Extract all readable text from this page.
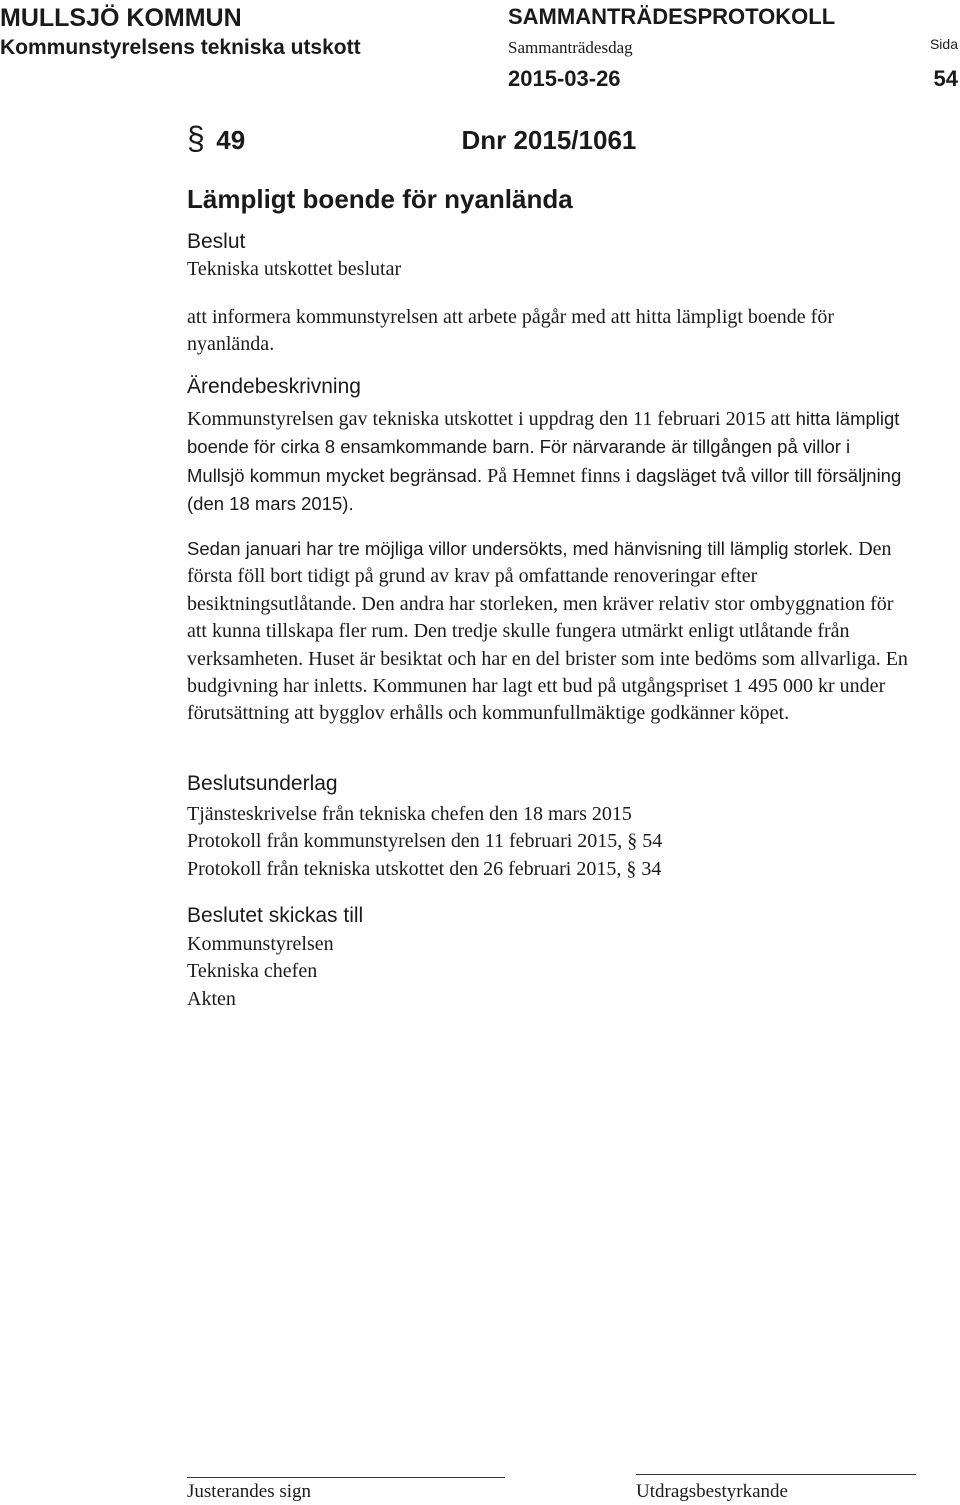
MULLSJÖ KOMMUN
Kommunstyrelsens tekniska utskott
SAMMANTRÄDESPROTOKOLL
Sammanträdesdag
2015-03-26
Sida
54
§ 49	Dnr 2015/1061
Lämpligt boende för nyanlända
Beslut
Tekniska utskottet beslutar
att informera kommunstyrelsen att arbete pågår med att hitta lämpligt boende för nyanlända.
Ärendebeskrivning
Kommunstyrelsen gav tekniska utskottet i uppdrag den 11 februari 2015 att hitta lämpligt boende för cirka 8 ensamkommande barn. För närvarande är tillgången på villor i Mullsjö kommun mycket begränsad. På Hemnet finns i dagsläget två villor till försäljning (den 18 mars 2015).
Sedan januari har tre möjliga villor undersökts, med hänvisning till lämplig storlek. Den första föll bort tidigt på grund av krav på omfattande renoveringar efter besiktningsutlåtande. Den andra har storleken, men kräver relativ stor ombyggnation för att kunna tillskapa fler rum. Den tredje skulle fungera utmärkt enligt utlåtande från verksamheten. Huset är besiktat och har en del brister som inte bedöms som allvarliga. En budgivning har inletts. Kommunen har lagt ett bud på utgångspriset 1 495 000 kr under förutsättning att bygglov erhålls och kommunfullmäktige godkänner köpet.
Beslutsunderlag
Tjänsteskrivelse från tekniska chefen den 18 mars 2015
Protokoll från kommunstyrelsen den 11 februari 2015, § 54
Protokoll från tekniska utskottet den 26 februari 2015, § 34
Beslutet skickas till
Kommunstyrelsen
Tekniska chefen
Akten
Justerandes sign	Utdragsbestyrkande
